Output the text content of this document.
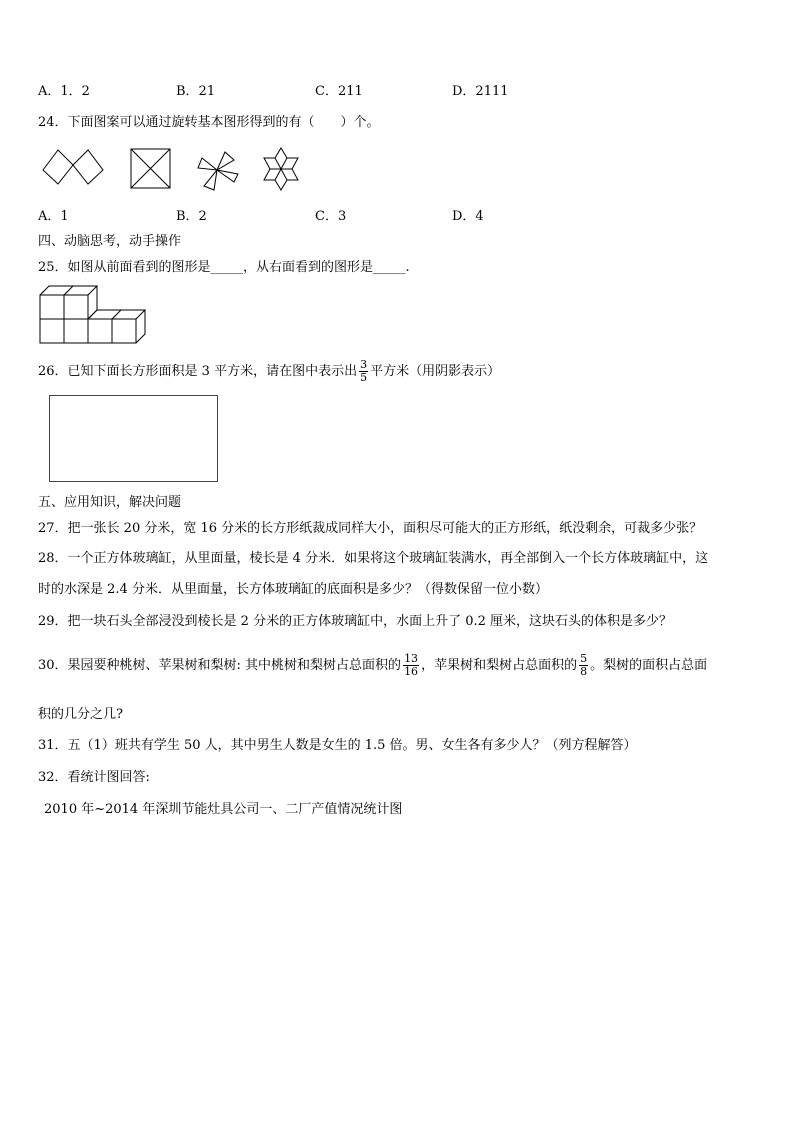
A．1．2	B．21	C．211	D．2111
24．下面图案可以通过旋转基本图形得到的有（　　）个。
A．1	B．2	C．3	D．4
四、动脑思考，动手操作
25．如图从前面看到的图形是_____，从右面看到的图形是_____.
26．已知下面长方形面积是 3 平方米，请在图中表示出 $\frac{3}{5}$ 平方米（用阴影表示）
五、应用知识，解决问题
27．把一张长 20 分米，宽 16 分米的长方形纸裁成同样大小，面积尽可能大的正方形纸，纸没剩余，可裁多少张？
28．一个正方体玻璃缸，从里面量，棱长是 4 分米．如果将这个玻璃缸装满水，再全部倒入一个长方体玻璃缸中，这
时的水深是 2.4 分米．从里面量，长方体玻璃缸的底面积是多少？（得数保留一位小数）
29．把一块石头全部浸没到棱长是 2 分米的正方体玻璃缸中，水面上升了 0.2 厘米，这块石头的体积是多少？
30．果园要种桃树、苹果树和梨树: 其中桃树和梨树占总面积的 $\frac{13}{16}$ ，苹果树和梨树占总面积的 $\frac{5}{8}$ 。梨树的面积占总面
积的几分之几?
31．五（1）班共有学生 50 人，其中男生人数是女生的 1.5 倍。男、女生各有多少人？（列方程解答）
32．看统计图回答:
2010 年~2014 年深圳节能灶具公司一、二厂产值情况统计图
